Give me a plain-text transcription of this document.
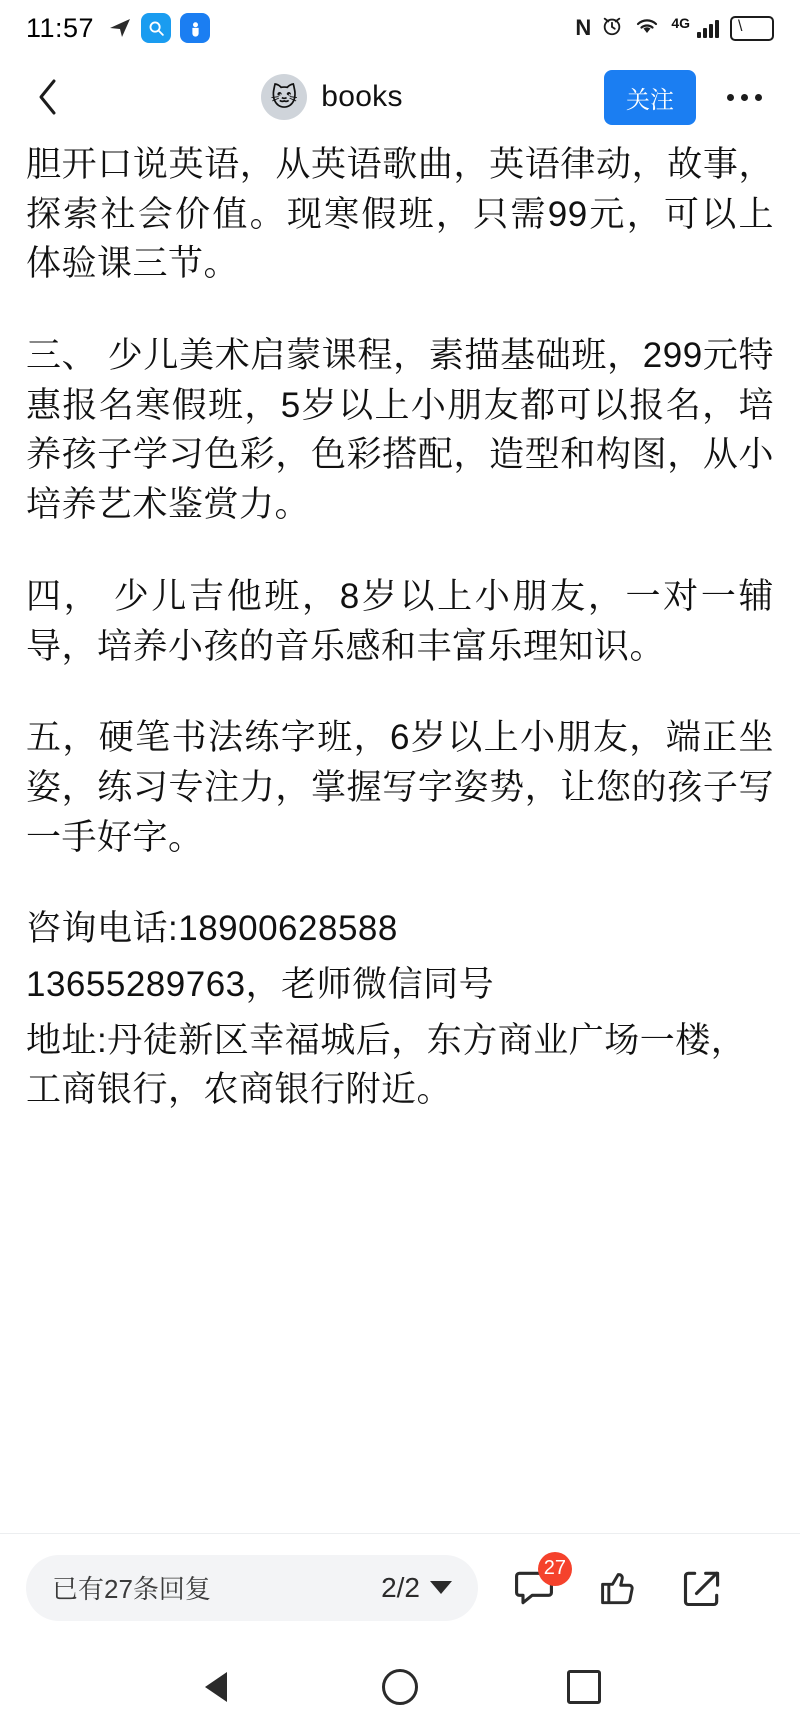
11:57	N	4G	\
🐱 books	关注

胆开口说英语，从英语歌曲，英语律动，故事，探索社会价值。现寒假班，只需99元，可以上体验课三节。

三、 少儿美术启蒙课程，素描基础班，299元特惠报名寒假班，5岁以上小朋友都可以报名，培养孩子学习色彩，色彩搭配，造型和构图，从小培养艺术鉴赏力。

四， 少儿吉他班，8岁以上小朋友，一对一辅导，培养小孩的音乐感和丰富乐理知识。

五，硬笔书法练字班，6岁以上小朋友，端正坐姿，练习专注力，掌握写字姿势，让您的孩子写一手好字。

咨询电话:18900628588
13655289763，老师微信同号
地址:丹徒新区幸福城后，东方商业广场一楼，工商银行，农商银行附近。
已有27条回复	2/2
27
